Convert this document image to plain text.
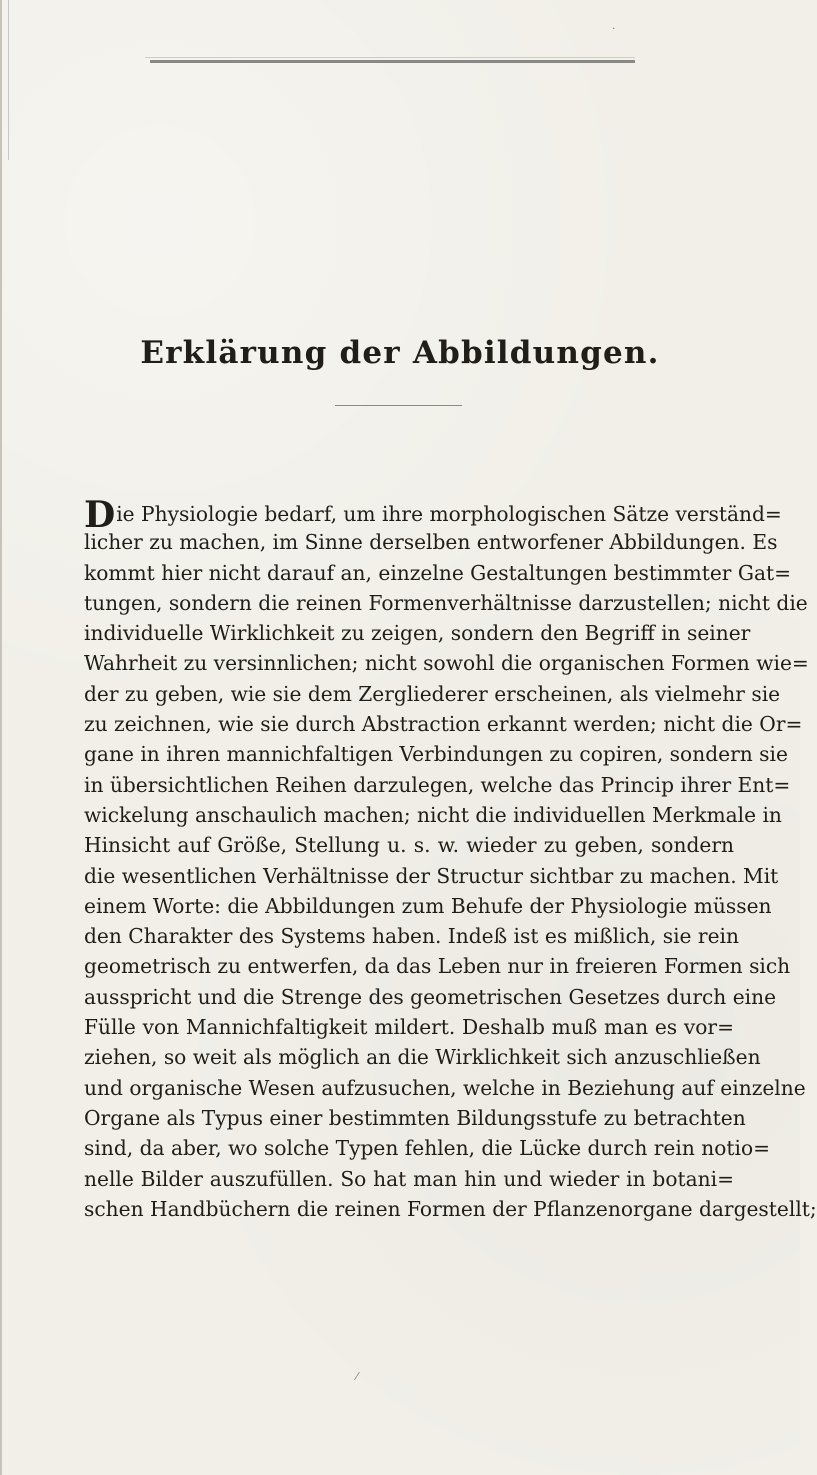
Erklärung der Abbildungen.
Die Physiologie bedarf, um ihre morphologischen Sätze verständ=
licher zu machen, im Sinne derselben entworfener Abbildungen. Es
kommt hier nicht darauf an, einzelne Gestaltungen bestimmter Gat=
tungen, sondern die reinen Formenverhältnisse darzustellen; nicht die
individuelle Wirklichkeit zu zeigen, sondern den Begriff in seiner
Wahrheit zu versinnlichen; nicht sowohl die organischen Formen wie=
der zu geben, wie sie dem Zergliederer erscheinen, als vielmehr sie
zu zeichnen, wie sie durch Abstraction erkannt werden; nicht die Or=
gane in ihren mannichfaltigen Verbindungen zu copiren, sondern sie
in übersichtlichen Reihen darzulegen, welche das Princip ihrer Ent=
wickelung anschaulich machen; nicht die individuellen Merkmale in
Hinsicht auf Größe, Stellung u. s. w. wieder zu geben, sondern
die wesentlichen Verhältnisse der Structur sichtbar zu machen. Mit
einem Worte: die Abbildungen zum Behufe der Physiologie müssen
den Charakter des Systems haben. Indeß ist es mißlich, sie rein
geometrisch zu entwerfen, da das Leben nur in freieren Formen sich
ausspricht und die Strenge des geometrischen Gesetzes durch eine
Fülle von Mannichfaltigkeit mildert. Deshalb muß man es vor=
ziehen, so weit als möglich an die Wirklichkeit sich anzuschließen
und organische Wesen aufzusuchen, welche in Beziehung auf einzelne
Organe als Typus einer bestimmten Bildungsstufe zu betrachten
sind, da aber, wo solche Typen fehlen, die Lücke durch rein notio=
nelle Bilder auszufüllen. So hat man hin und wieder in botani=
schen Handbüchern die reinen Formen der Pflanzenorganе dargestellt;
⁄
·
